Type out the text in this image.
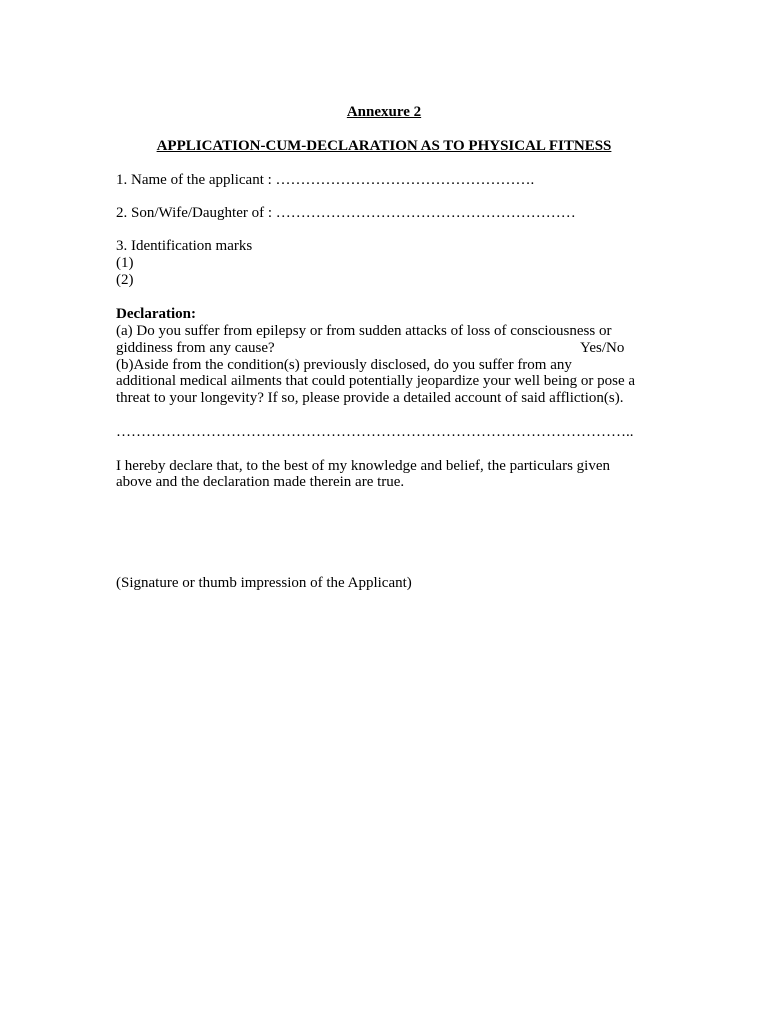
Annexure 2
APPLICATION-CUM-DECLARATION AS TO PHYSICAL FITNESS
1. Name of the applicant : …………………………………………….
2. Son/Wife/Daughter of : ……………………………………………………
3. Identification marks
(1)
(2)
Declaration:
(a) Do you suffer from epilepsy or from sudden attacks of loss of consciousness or
giddiness from any cause?	Yes/No
(b)Aside from the condition(s) previously disclosed, do you suffer from any
additional medical ailments that could potentially jeopardize your well being or pose a
threat to your longevity? If so, please provide a detailed account of said affliction(s).
…………………………………………………………………………………………..
I hereby declare that, to the best of my knowledge and belief, the particulars given
above and the declaration made therein are true.
(Signature or thumb impression of the Applicant)
